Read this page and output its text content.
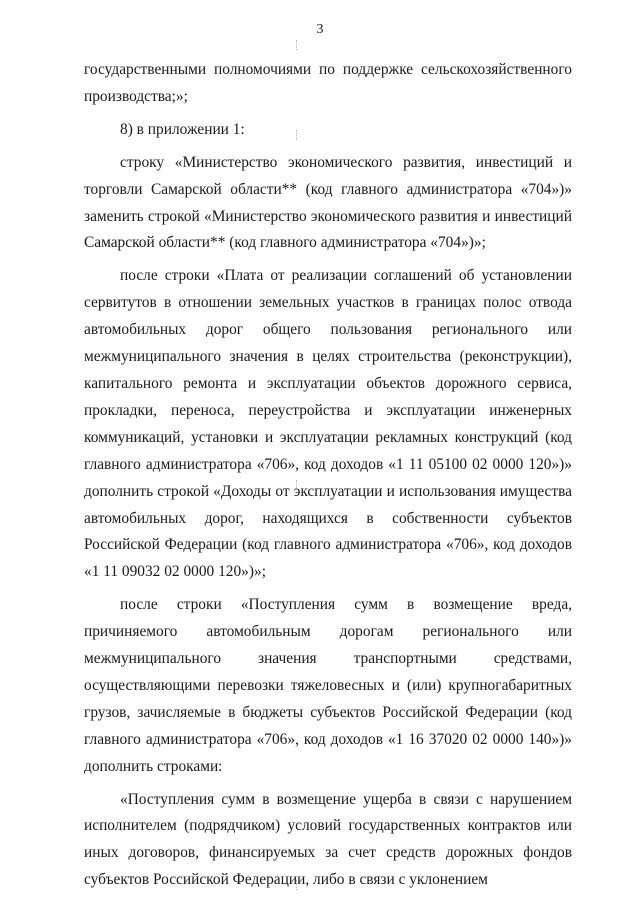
3

государственными полномочиями по поддержке сельскохозяйственного производства;»;

8) в приложении 1:

строку «Министерство экономического развития, инвестиций и торговли Самарской области** (код главного администратора «704»)» заменить строкой «Министерство экономического развития и инвестиций Самарской области** (код главного администратора «704»)»;

после строки «Плата от реализации соглашений об установлении сервитутов в отношении земельных участков в границах полос отвода автомобильных дорог общего пользования регионального или межмуниципального значения в целях строительства (реконструкции), капитального ремонта и эксплуатации объектов дорожного сервиса, прокладки, переноса, переустройства и эксплуатации инженерных коммуникаций, установки и эксплуатации рекламных конструкций (код главного администратора «706», код доходов «1 11 05100 02 0000 120»)» дополнить строкой «Доходы от эксплуатации и использования имущества автомобильных дорог, находящихся в собственности субъектов Российской Федерации (код главного администратора «706», код доходов «1 11 09032 02 0000 120»)»;

после строки «Поступления сумм в возмещение вреда, причиняемого автомобильным дорогам регионального или межмуниципального значения транспортными средствами, осуществляющими перевозки тяжеловесных и (или) крупногабаритных грузов, зачисляемые в бюджеты субъектов Российской Федерации (код главного администратора «706», код доходов «1 16 37020 02 0000 140»)» дополнить строками:

«Поступления сумм в возмещение ущерба в связи с нарушением исполнителем (подрядчиком) условий государственных контрактов или иных договоров, финансируемых за счет средств дорожных фондов субъектов Российской Федерации, либо в связи с уклонением
